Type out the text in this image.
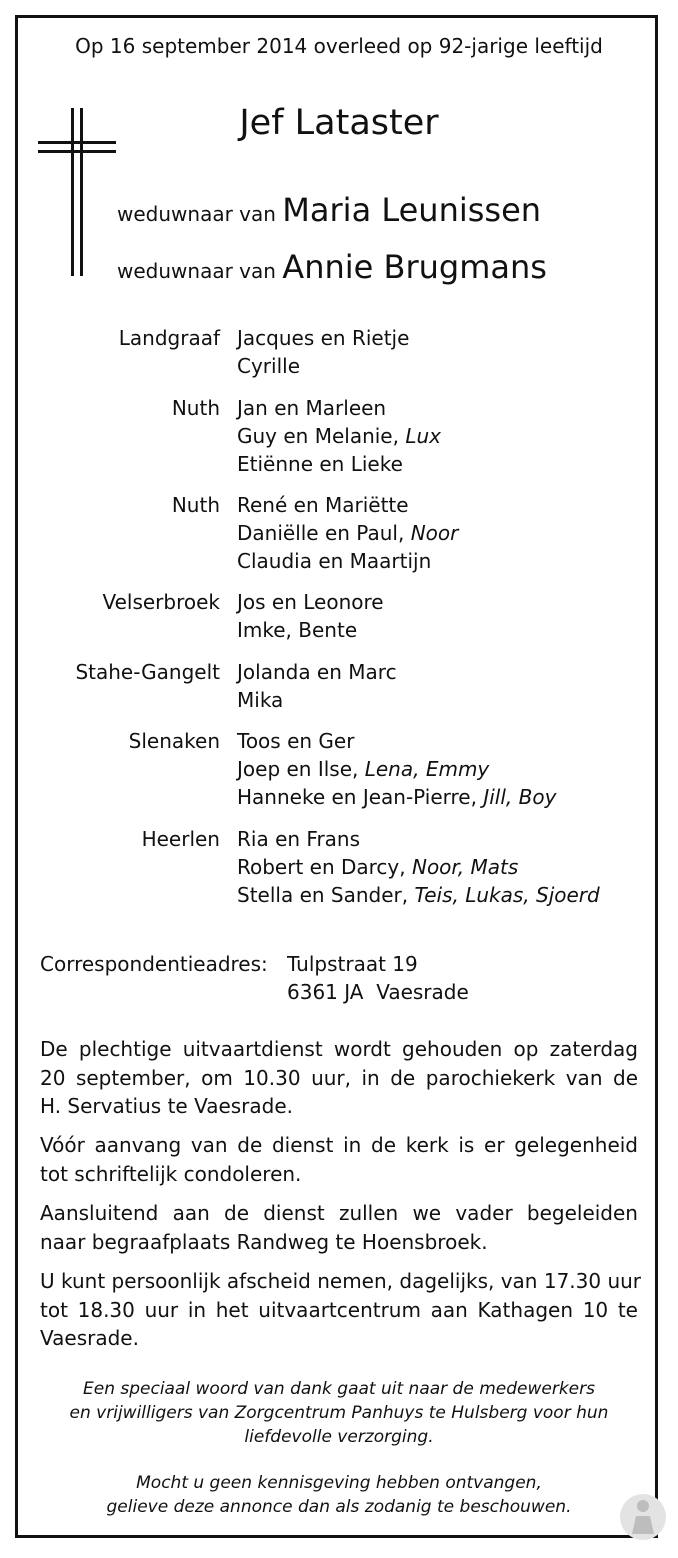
Op 16 september 2014 overleed op 92-jarige leeftijd
Jef Lataster
weduwnaar van Maria Leunissen
weduwnaar van Annie Brugmans
Landgraaf Jacques en Rietje
Cyrille
Nuth Jan en Marleen
Guy en Melanie, Lux
Etiënne en Lieke
Nuth René en Mariëtte
Daniëlle en Paul, Noor
Claudia en Maartijn
Velserbroek Jos en Leonore
Imke, Bente
Stahe-Gangelt Jolanda en Marc
Mika
Slenaken Toos en Ger
Joep en Ilse, Lena, Emmy
Hanneke en Jean-Pierre, Jill, Boy
Heerlen Ria en Frans
Robert en Darcy, Noor, Mats
Stella en Sander, Teis, Lukas, Sjoerd
Correspondentieadres: Tulpstraat 19
6361 JA  Vaesrade
De plechtige uitvaartdienst wordt gehouden op zaterdag
20 september, om 10.30 uur, in de parochiekerk van de
H. Servatius te Vaesrade.
Vóór aanvang van de dienst in de kerk is er gelegenheid
tot schriftelijk condoleren.
Aansluitend aan de dienst zullen we vader begeleiden
naar begraafplaats Randweg te Hoensbroek.
U kunt persoonlijk afscheid nemen, dagelijks, van 17.30 uur
tot 18.30 uur in het uitvaartcentrum aan Kathagen 10 te
Vaesrade.
Een speciaal woord van dank gaat uit naar de medewerkers
en vrijwilligers van Zorgcentrum Panhuys te Hulsberg voor hun
liefdevolle verzorging.
Mocht u geen kennisgeving hebben ontvangen,
gelieve deze annonce dan als zodanig te beschouwen.
